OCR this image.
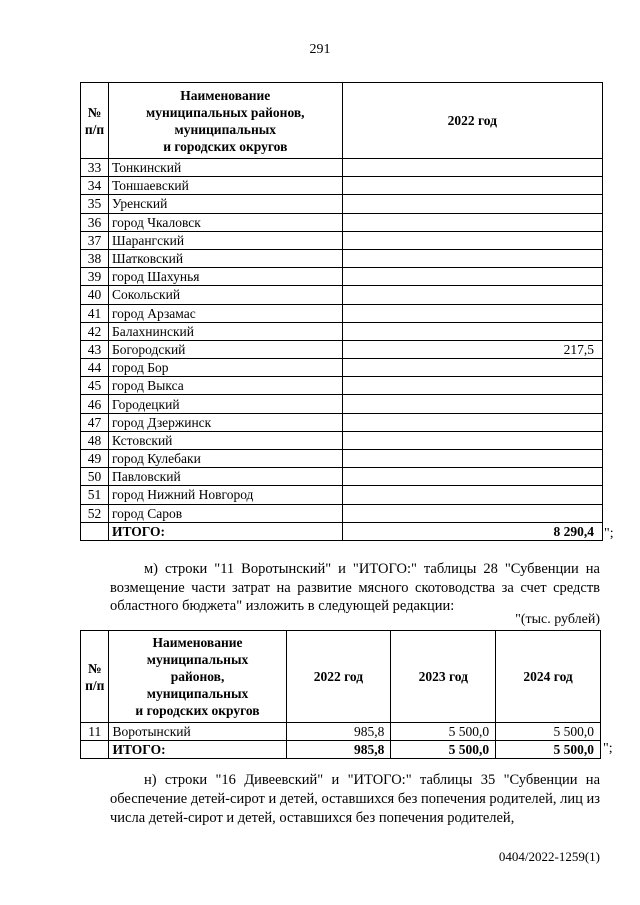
291
№
п/п	Наименование
муниципальных районов,
муниципальных
и городских округов	2022 год
33	Тонкинский	
34	Тоншаевский	
35	Уренский	
36	город Чкаловск	
37	Шарангский	
38	Шатковский	
39	город Шахунья	
40	Сокольский	
41	город Арзамас	
42	Балахнинский	
43	Богородский	217,5
44	город Бор	
45	город Выкса	
46	Городецкий	
47	город Дзержинск	
48	Кстовский	
49	город Кулебаки	
50	Павловский	
51	город Нижний Новгород	
52	город Саров	
	ИТОГО:	8 290,4 ";
м) строки "11 Воротынский" и "ИТОГО:" таблицы 28 "Субвенции на возмещение части затрат на развитие мясного скотоводства за счет средств областного бюджета" изложить в следующей редакции:
"(тыс. рублей)
№
п/п	Наименование
муниципальных
районов,
муниципальных
и городских округов	2022 год	2023 год	2024 год
11	Воротынский	985,8	5 500,0	5 500,0
	ИТОГО:	985,8	5 500,0	5 500,0 ";
н) строки "16 Дивеевский" и "ИТОГО:" таблицы 35 "Субвенции на обеспечение детей-сирот и детей, оставшихся без попечения родителей, лиц из числа детей-сирот и детей, оставшихся без попечения родителей,
0404/2022-1259(1)
